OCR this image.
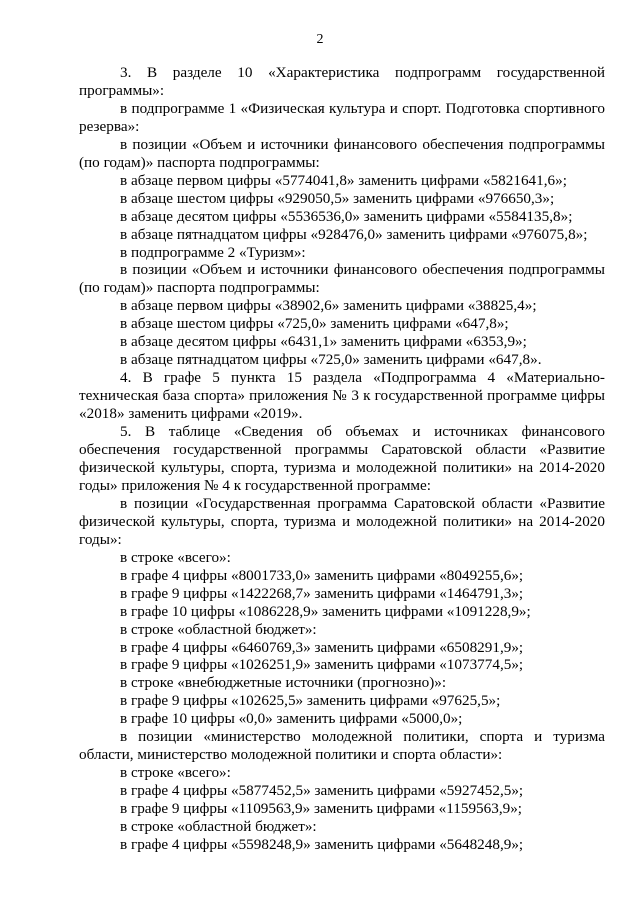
2

3. В разделе 10 «Характеристика подпрограмм государственной программы»:

в подпрограмме 1 «Физическая культура и спорт. Подготовка спортивного резерва»:

в позиции «Объем и источники финансового обеспечения подпрограммы (по годам)» паспорта подпрограммы:

в абзаце первом цифры «5774041,8» заменить цифрами «5821641,6»;

в абзаце шестом цифры «929050,5» заменить цифрами «976650,3»;

в абзаце десятом цифры «5536536,0» заменить цифрами «5584135,8»;

в абзаце пятнадцатом цифры «928476,0» заменить цифрами «976075,8»;

в подпрограмме 2 «Туризм»:

в позиции «Объем и источники финансового обеспечения подпрограммы (по годам)» паспорта подпрограммы:

в абзаце первом цифры «38902,6» заменить цифрами «38825,4»;

в абзаце шестом цифры «725,0» заменить цифрами «647,8»;

в абзаце десятом цифры «6431,1» заменить цифрами «6353,9»;

в абзаце пятнадцатом цифры «725,0» заменить цифрами «647,8».

4. В графе 5 пункта 15 раздела «Подпрограмма 4 «Материально-техническая база спорта» приложения № 3 к государственной программе цифры «2018» заменить цифрами «2019».

5. В таблице «Сведения об объемах и источниках финансового обеспечения государственной программы Саратовской области «Развитие физической культуры, спорта, туризма и молодежной политики» на 2014-2020 годы» приложения № 4 к государственной программе:

в позиции «Государственная программа Саратовской области «Развитие физической культуры, спорта, туризма и молодежной политики» на 2014-2020 годы»:

в строке «всего»:

в графе 4 цифры «8001733,0» заменить цифрами «8049255,6»;

в графе 9 цифры «1422268,7» заменить цифрами «1464791,3»;

в графе 10 цифры «1086228,9» заменить цифрами «1091228,9»;

в строке «областной бюджет»:

в графе 4 цифры «6460769,3» заменить цифрами «6508291,9»;

в графе 9 цифры «1026251,9» заменить цифрами «1073774,5»;

в строке «внебюджетные источники (прогнозно)»:

в графе 9 цифры «102625,5» заменить цифрами «97625,5»;

в графе 10 цифры «0,0» заменить цифрами «5000,0»;

в позиции «министерство молодежной политики, спорта и туризма области, министерство молодежной политики и спорта области»:

в строке «всего»:

в графе 4 цифры «5877452,5» заменить цифрами «5927452,5»;

в графе 9 цифры «1109563,9» заменить цифрами «1159563,9»;

в строке «областной бюджет»:

в графе 4 цифры «5598248,9» заменить цифрами «5648248,9»;
